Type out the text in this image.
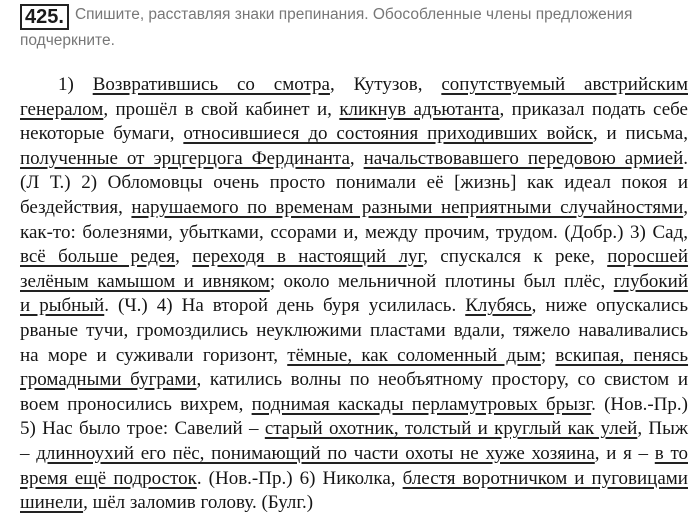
425. Спишите, расставляя знаки препинания. Обособленные члены предложения подчеркните.
1) Возвратившись со смотра, Кутузов, сопутствуемый австрийским
генералом, прошёл в свой кабинет и, кликнув адъютанта, приказал подать себе
некоторые бумаги, относившиеся до состояния приходивших войск, и письма,
полученные от эрцгерцога Фердинанта, начальствовавшего передовою армией.
(Л Т.) 2) Обломовцы очень просто понимали её [жизнь] как идеал покоя и
бездействия, нарушаемого по временам разными неприятными случайностями,
как-то: болезнями, убытками, ссорами и, между прочим, трудом. (Добр.) 3) Сад,
всё больше редея, переходя в настоящий луг, спускался к реке, поросшей
зелёным камышом и ивняком; около мельничной плотины был плёс, глубокий
и рыбный. (Ч.) 4) На второй день буря усилилась. Клубясь, ниже опускались
рваные тучи, громоздились неуклюжими пластами вдали, тяжело наваливались
на море и суживали горизонт, тёмные, как соломенный дым; вскипая, пенясь
громадными буграми, катились волны по необъятному простору, со свистом и
воем проносились вихрем, поднимая каскады перламутровых брызг. (Нов.-Пр.)
5) Нас было трое: Савелий – старый охотник, толстый и круглый как улей, Пыж
– длинноухий его пёс, понимающий по части охоты не хуже хозяина, и я – в то
время ещё подросток. (Нов.-Пр.) 6) Николка, блестя воротничком и пуговицами
шинели, шёл заломив голову. (Булг.)
